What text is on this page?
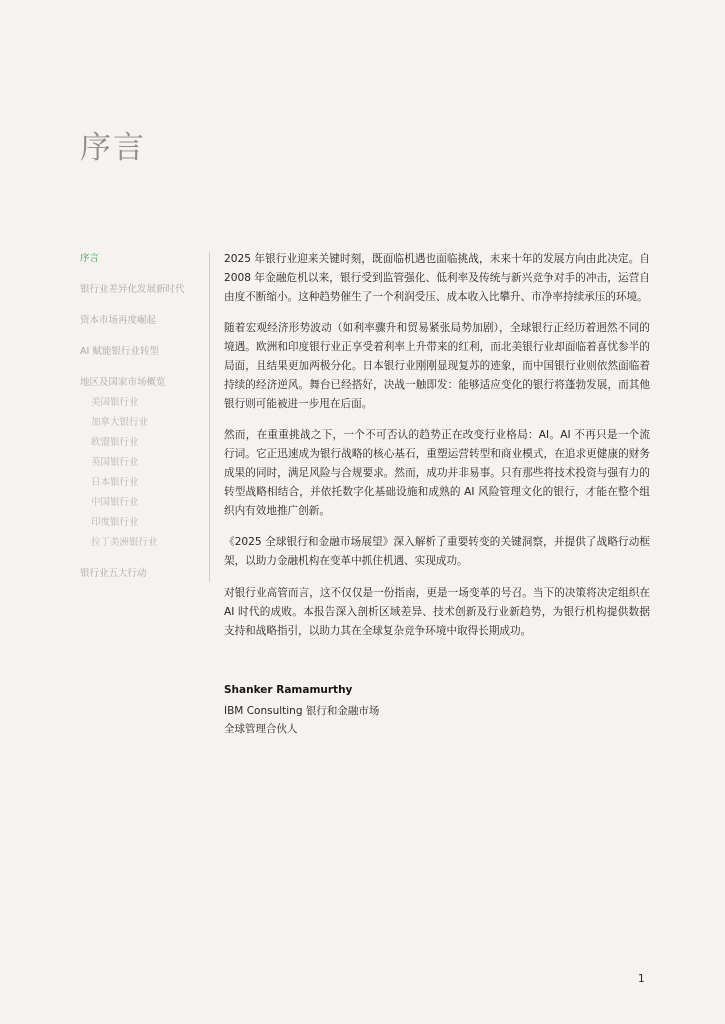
序言
序言
银行业差异化发展新时代
资本市场再度崛起
AI 赋能银行业转型
地区及国家市场概览
美国银行业
加拿大银行业
欧盟银行业
英国银行业
日本银行业
中国银行业
印度银行业
拉丁美洲银行业
银行业五大行动

2025 年银行业迎来关键时刻，既面临机遇也面临挑战，未来十年的发展方向由此决定。自 2008 年金融危机以来，银行受到监管强化、低利率及传统与新兴竞争对手的冲击，运营自由度不断缩小。这种趋势催生了一个利润受压、成本收入比攀升、市净率持续承压的环境。

随着宏观经济形势波动（如利率骤升和贸易紧张局势加剧），全球银行正经历着迥然不同的境遇。欧洲和印度银行业正享受着利率上升带来的红利，而北美银行业却面临着喜忧参半的局面，且结果更加两极分化。日本银行业刚刚显现复苏的迹象，而中国银行业则依然面临着持续的经济逆风。舞台已经搭好，决战一触即发：能够适应变化的银行将蓬勃发展，而其他银行则可能被进一步甩在后面。

然而，在重重挑战之下，一个不可否认的趋势正在改变行业格局：AI。AI 不再只是一个流行词。它正迅速成为银行战略的核心基石，重塑运营转型和商业模式，在追求更健康的财务成果的同时，满足风险与合规要求。然而，成功并非易事。只有那些将技术投资与强有力的转型战略相结合，并依托数字化基础设施和成熟的 AI 风险管理文化的银行，才能在整个组织内有效地推广创新。

《2025 全球银行和金融市场展望》深入解析了重要转变的关键洞察，并提供了战略行动框架，以助力金融机构在变革中抓住机遇、实现成功。

对银行业高管而言，这不仅仅是一份指南，更是一场变革的号召。当下的决策将决定组织在 AI 时代的成败。本报告深入剖析区域差异、技术创新及行业新趋势，为银行机构提供数据支持和战略指引，以助力其在全球复杂竞争环境中取得长期成功。

Shanker Ramamurthy
IBM Consulting 银行和金融市场
全球管理合伙人
1
